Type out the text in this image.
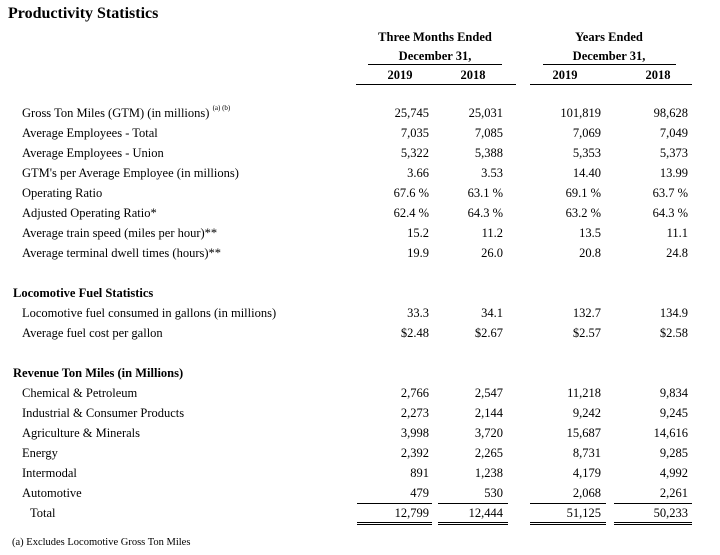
Productivity Statistics
Three Months Ended
December 31,
Years Ended
December 31,
2019	2018	2019	2018
Gross Ton Miles (GTM) (in millions) $^{(a) (b)}$	25,745	25,031	101,819	98,628
Average Employees - Total	7,035	7,085	7,069	7,049
Average Employees - Union	5,322	5,388	5,353	5,373
GTM's per Average Employee (in millions)	3.66	3.53	14.40	13.99
Operating Ratio	67.6 %	63.1 %	69.1 %	63.7 %
Adjusted Operating Ratio*	62.4 %	64.3 %	63.2 %	64.3 %
Average train speed (miles per hour)**	15.2	11.2	13.5	11.1
Average terminal dwell times (hours)**	19.9	26.0	20.8	24.8
Locomotive Fuel Statistics
Locomotive fuel consumed in gallons (in millions)	33.3	34.1	132.7	134.9
Average fuel cost per gallon	$2.48	$2.67	$2.57	$2.58
Revenue Ton Miles (in Millions)
Chemical & Petroleum	2,766	2,547	11,218	9,834
Industrial & Consumer Products	2,273	2,144	9,242	9,245
Agriculture & Minerals	3,998	3,720	15,687	14,616
Energy	2,392	2,265	8,731	9,285
Intermodal	891	1,238	4,179	4,992
Automotive	479	530	2,068	2,261
Total	12,799	12,444	51,125	50,233
(a) Excludes Locomotive Gross Ton Miles
